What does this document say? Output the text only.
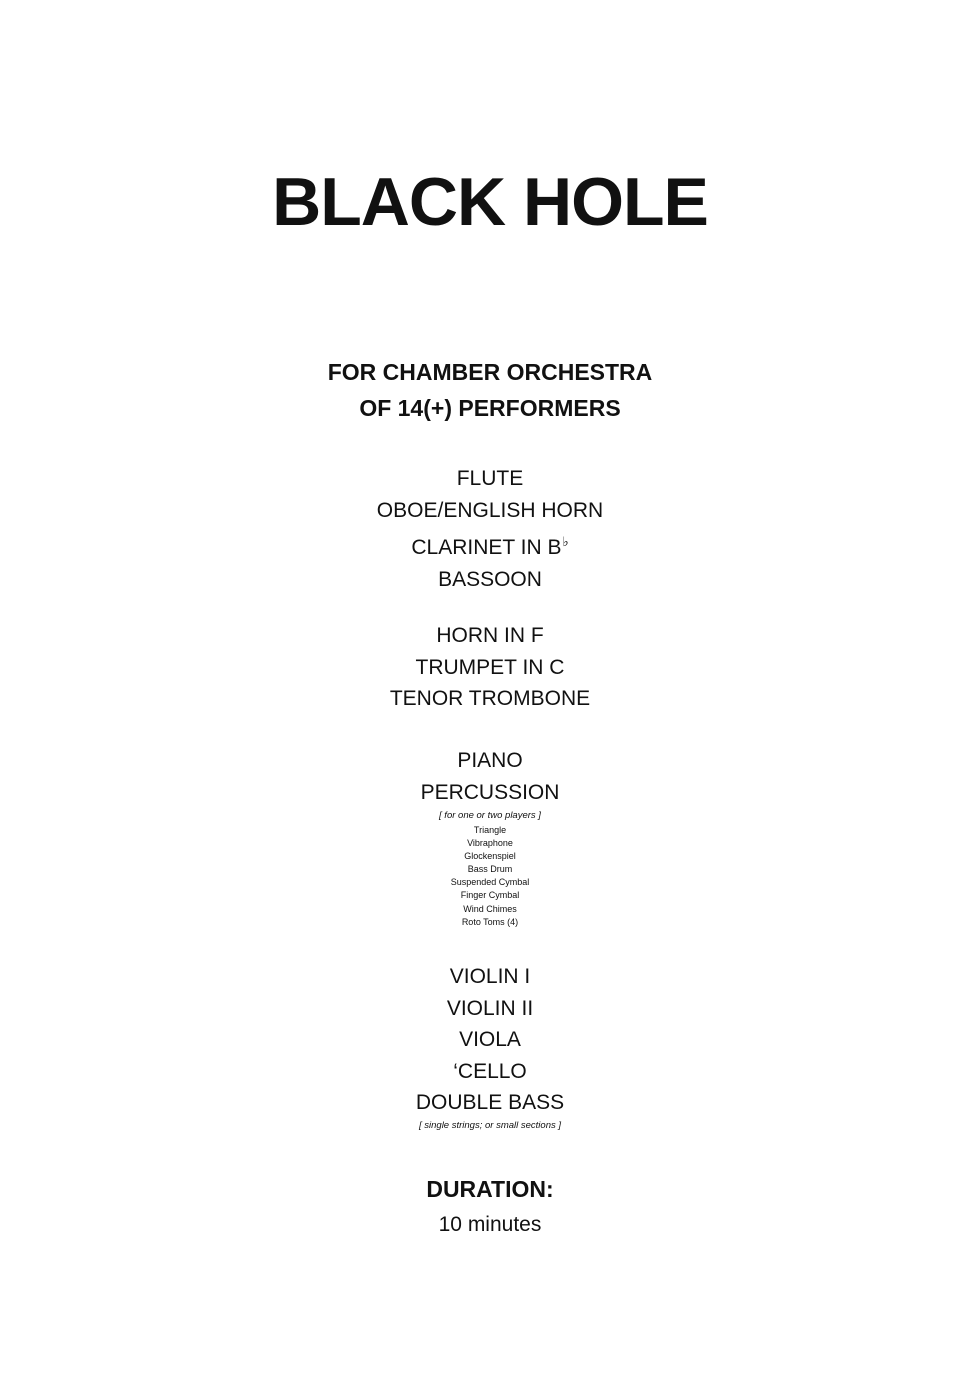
BLACK HOLE
FOR CHAMBER ORCHESTRA
OF 14(+) PERFORMERS
FLUTE
OBOE/ENGLISH HORN
CLARINET IN B♭
BASSOON
HORN IN F
TRUMPET IN C
TENOR TROMBONE
PIANO
PERCUSSION
[ for one or two players ]
Triangle
Vibraphone
Glockenspiel
Bass Drum
Suspended Cymbal
Finger Cymbal
Wind Chimes
Roto Toms (4)
VIOLIN I
VIOLIN II
VIOLA
‘CELLO
DOUBLE BASS
[ single strings; or small sections ]
DURATION:
10 minutes
